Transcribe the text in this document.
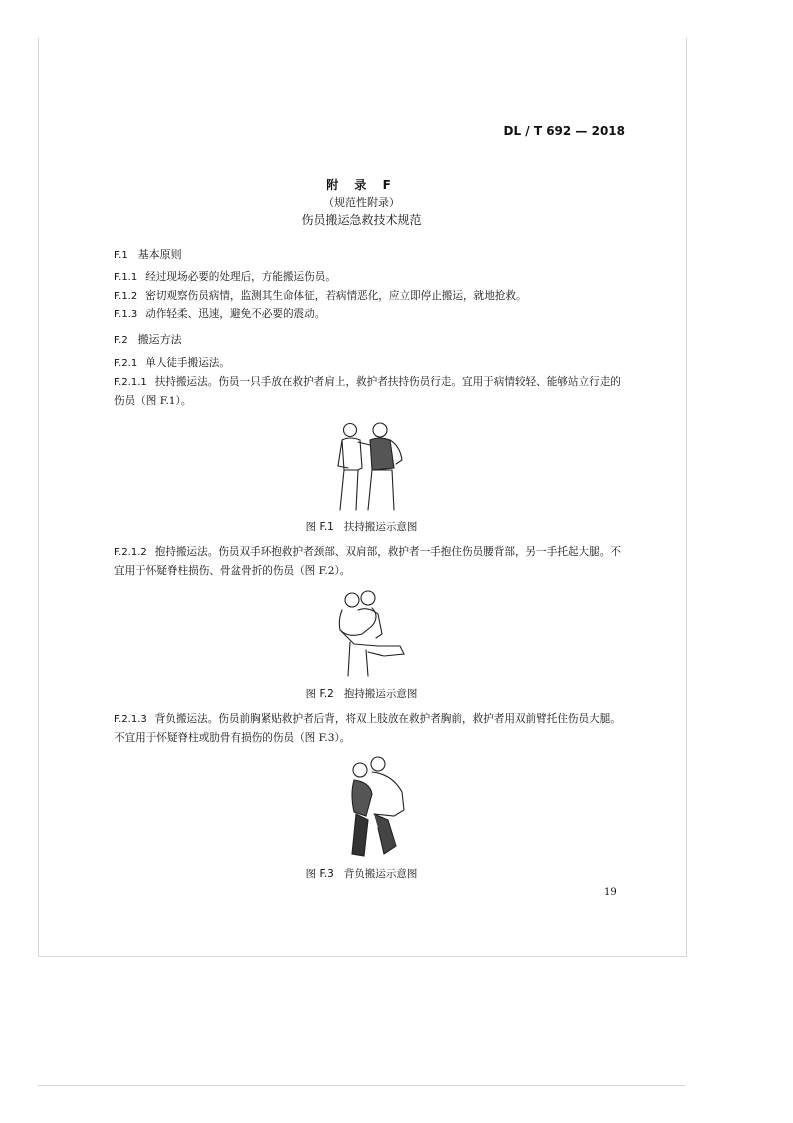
DL / T 692 — 2018
附 录 F
（规范性附录）
伤员搬运急救技术规范
F.1 基本原则
F.1.1 经过现场必要的处理后，方能搬运伤员。
F.1.2 密切观察伤员病情，监测其生命体征，若病情恶化，应立即停止搬运，就地抢救。
F.1.3 动作轻柔、迅速，避免不必要的震动。
F.2 搬运方法
F.2.1 单人徒手搬运法。
F.2.1.1 扶持搬运法。伤员一只手放在救护者肩上，救护者扶持伤员行走。宜用于病情较轻、能够站立行走的伤员（图 F.1）。
图 F.1 扶持搬运示意图
F.2.1.2 抱持搬运法。伤员双手环抱救护者颈部、双肩部，救护者一手抱住伤员腰背部，另一手托起大腿。不宜用于怀疑脊柱损伤、骨盆骨折的伤员（图 F.2）。
图 F.2 抱持搬运示意图
F.2.1.3 背负搬运法。伤员前胸紧贴救护者后背，将双上肢放在救护者胸前，救护者用双前臂托住伤员大腿。不宜用于怀疑脊柱或肋骨有损伤的伤员（图 F.3）。
图 F.3 背负搬运示意图
19
